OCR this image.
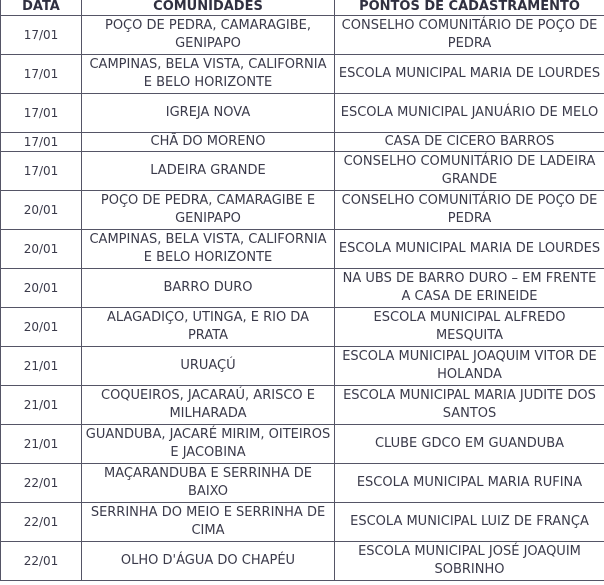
DATA	COMUNIDADES	PONTOS DE CADASTRAMENTO
17/01	POÇO DE PEDRA, CAMARAGIBE, GENIPAPO	CONSELHO COMUNITÁRIO DE POÇO DE PEDRA
17/01	CAMPINAS, BELA VISTA, CALIFORNIA E BELO HORIZONTE	ESCOLA MUNICIPAL MARIA DE LOURDES
17/01	IGREJA NOVA	ESCOLA MUNICIPAL JANUÁRIO DE MELO
17/01	CHÃ DO MORENO	CASA DE CICERO BARROS
17/01	LADEIRA GRANDE	CONSELHO COMUNITÁRIO DE LADEIRA GRANDE
20/01	POÇO DE PEDRA, CAMARAGIBE E GENIPAPO	CONSELHO COMUNITÁRIO DE POÇO DE PEDRA
20/01	CAMPINAS, BELA VISTA, CALIFORNIA E BELO HORIZONTE	ESCOLA MUNICIPAL MARIA DE LOURDES
20/01	BARRO DURO	NA UBS DE BARRO DURO – EM FRENTE A CASA DE ERINEIDE
20/01	ALAGADIÇO, UTINGA, E RIO DA PRATA	ESCOLA MUNICIPAL ALFREDO MESQUITA
21/01	URUAÇÚ	ESCOLA MUNICIPAL JOAQUIM VITOR DE HOLANDA
21/01	COQUEIROS, JACARAÚ, ARISCO E MILHARADA	ESCOLA MUNICIPAL MARIA JUDITE DOS SANTOS
21/01	GUANDUBA, JACARÉ MIRIM, OITEIROS E JACOBINA	CLUBE GDCO EM GUANDUBA
22/01	MAÇARANDUBA E SERRINHA DE BAIXO	ESCOLA MUNICIPAL MARIA RUFINA
22/01	SERRINHA DO MEIO E SERRINHA DE CIMA	ESCOLA MUNICIPAL LUIZ DE FRANÇA
22/01	OLHO D'ÁGUA DO CHAPÉU	ESCOLA MUNICIPAL JOSÉ JOAQUIM SOBRINHO
